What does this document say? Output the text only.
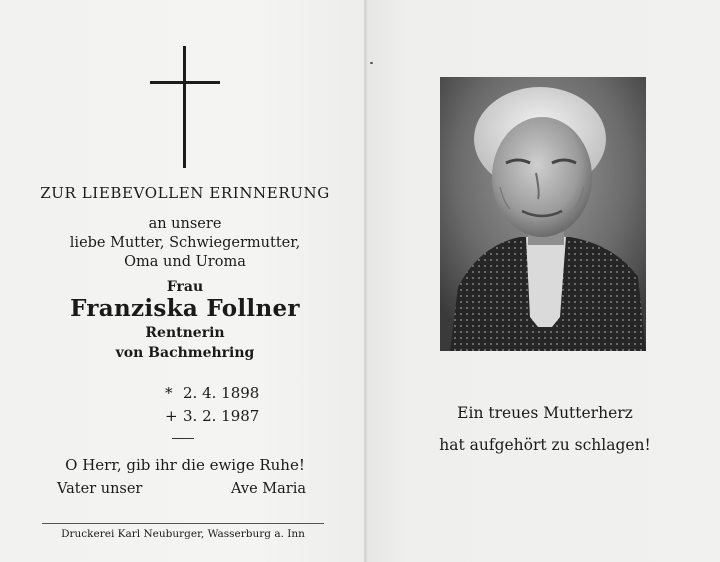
ZUR LIEBEVOLLEN ERINNERUNG
an unsere
liebe Mutter, Schwiegermutter,
Oma und Uroma
Frau
Franziska Follner
Rentnerin
von Bachmehring
* 2. 4. 1898
+ 3. 2. 1987
O Herr, gib ihr die ewige Ruhe!
Vater unser	Ave Maria
Druckerei Karl Neuburger, Wasserburg a. Inn
Ein treues Mutterherz
hat aufgehört zu schlagen!
